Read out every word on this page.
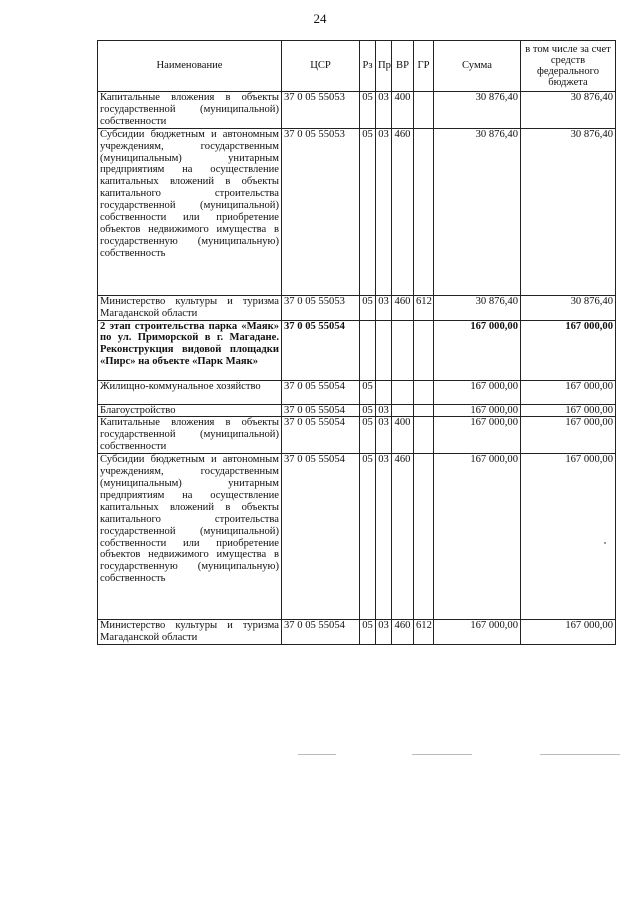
24
Наименование	ЦСР	Рз	Пр	ВР	ГР	Сумма	в том числе за счет средств федерального бюджета
Капитальные вложения в объекты государственной (муниципальной) собственности	37 0 05 55053	05	03	400		30 876,40	30 876,40
Субсидии бюджетным и автономным учреждениям, государственным (муниципальным) унитарным предприятиям на осуществление капитальных вложений в объекты капитального строительства государственной (муниципальной) собственности или приобретение объектов недвижимого имущества в государственную (муниципальную) собственность	37 0 05 55053	05	03	460		30 876,40	30 876,40
Министерство культуры и туризма Магаданской области	37 0 05 55053	05	03	460	612	30 876,40	30 876,40
2 этап строительства парка «Маяк» по ул. Приморской в г. Магадане. Реконструкция видовой площадки «Пирс» на объекте «Парк Маяк»	37 0 05 55054					167 000,00	167 000,00
Жилищно-коммунальное хозяйство	37 0 05 55054	05				167 000,00	167 000,00
Благоустройство	37 0 05 55054	05	03			167 000,00	167 000,00
Капитальные вложения в объекты государственной (муниципальной) собственности	37 0 05 55054	05	03	400		167 000,00	167 000,00
Субсидии бюджетным и автономным учреждениям, государственным (муниципальным) унитарным предприятиям на осуществление капитальных вложений в объекты капитального строительства государственной (муниципальной) собственности или приобретение объектов недвижимого имущества в государственную (муниципальную) собственность	37 0 05 55054	05	03	460		167 000,00	167 000,00
Министерство культуры и туризма Магаданской области	37 0 05 55054	05	03	460	612	167 000,00	167 000,00
